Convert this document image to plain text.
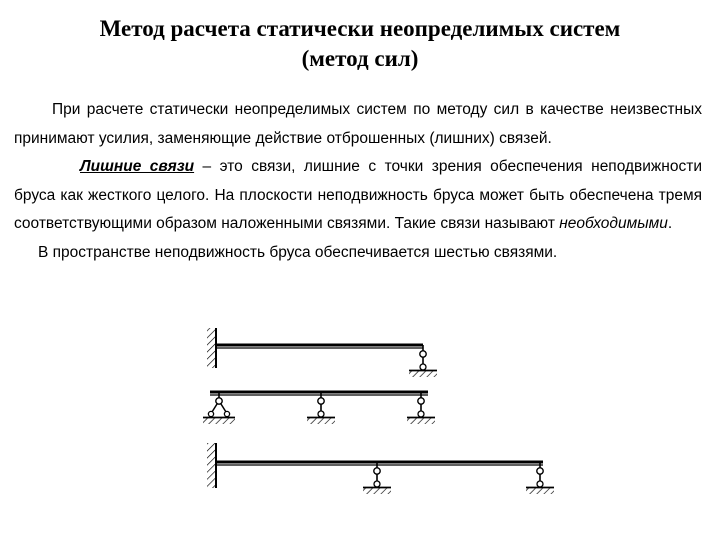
Метод расчета статически неопределимых систем
(метод сил)

При расчете статически неопределимых систем по методу сил в качестве неизвестных принимают усилия, заменяющие действие отброшенных (лишних) связей.

Лишние связи – это связи, лишние с точки зрения обеспечения неподвижности бруса как жесткого целого. На плоскости неподвижность бруса может быть обеспечена тремя соответствующими образом наложенными связями. Такие связи называют необходимыми.

В пространстве неподвижность бруса обеспечивается шестью связями.
